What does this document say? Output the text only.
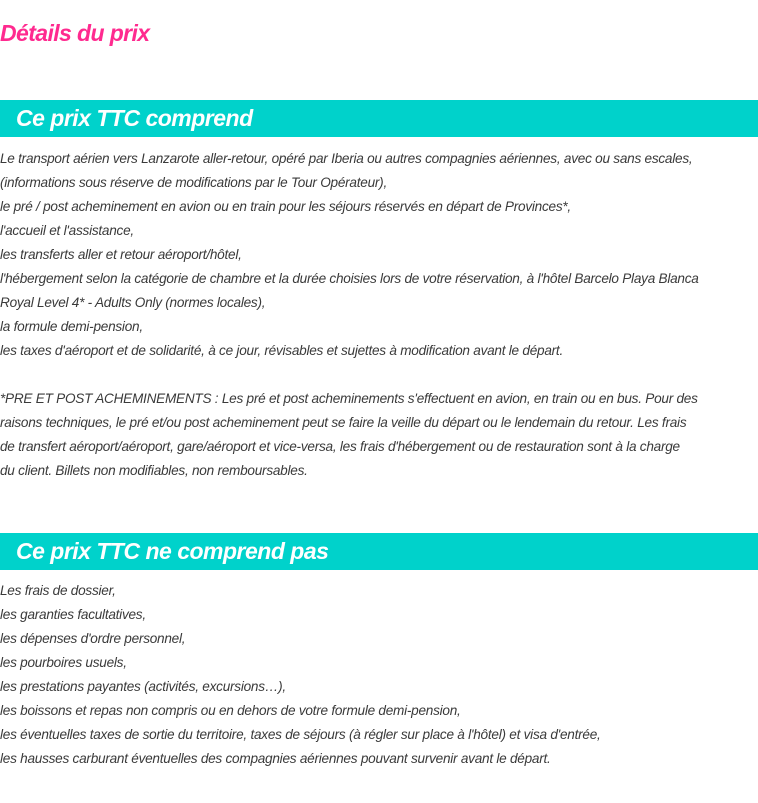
Détails du prix
Ce prix TTC comprend
Le transport aérien vers Lanzarote aller-retour, opéré par Iberia ou autres compagnies aériennes, avec ou sans escales,
(informations sous réserve de modifications par le Tour Opérateur),
le pré / post acheminement en avion ou en train pour les séjours réservés en départ de Provinces*,
l'accueil et l'assistance,
les transferts aller et retour aéroport/hôtel,
l'hébergement selon la catégorie de chambre et la durée choisies lors de votre réservation, à l'hôtel Barcelo Playa Blanca
Royal Level 4* - Adults Only (normes locales),
la formule demi-pension,
les taxes d'aéroport et de solidarité, à ce jour, révisables et sujettes à modification avant le départ.
*PRE ET POST ACHEMINEMENTS : Les pré et post acheminements s'effectuent en avion, en train ou en bus. Pour des
raisons techniques, le pré et/ou post acheminement peut se faire la veille du départ ou le lendemain du retour. Les frais
de transfert aéroport/aéroport, gare/aéroport et vice-versa, les frais d'hébergement ou de restauration sont à la charge
du client. Billets non modifiables, non remboursables.
Ce prix TTC ne comprend pas
Les frais de dossier,
les garanties facultatives,
les dépenses d'ordre personnel,
les pourboires usuels,
les prestations payantes (activités, excursions…),
les boissons et repas non compris ou en dehors de votre formule demi-pension,
les éventuelles taxes de sortie du territoire, taxes de séjours (à régler sur place à l'hôtel) et visa d'entrée,
les hausses carburant éventuelles des compagnies aériennes pouvant survenir avant le départ.
